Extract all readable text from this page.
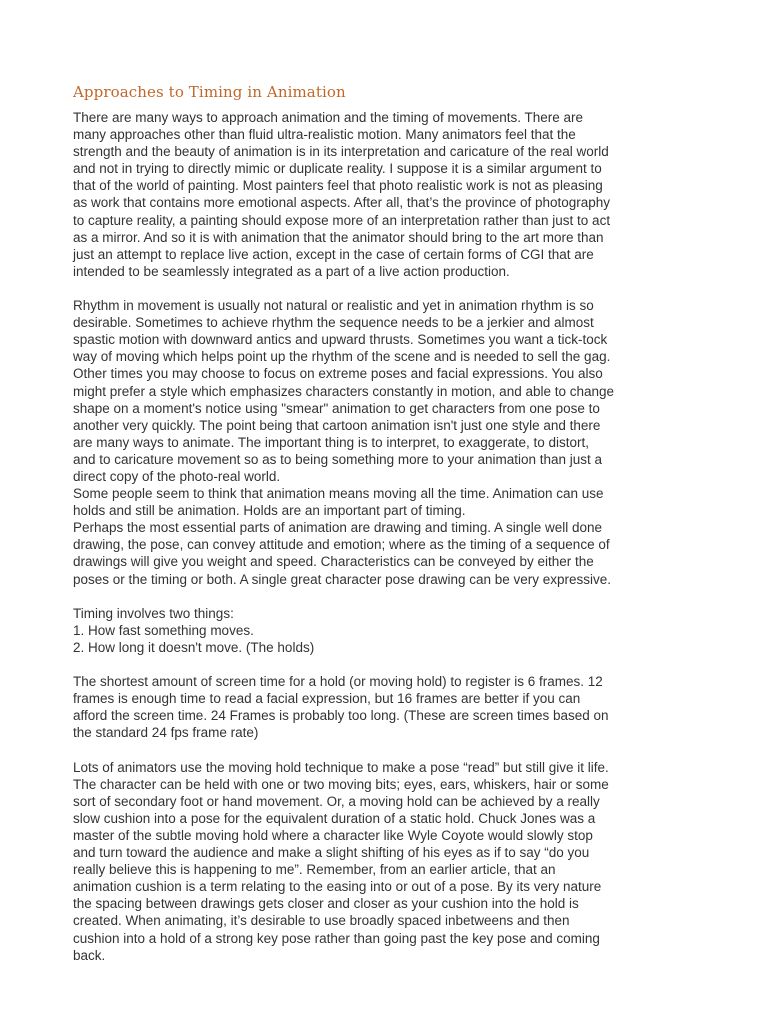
Approaches to Timing in Animation
There are many ways to approach animation and the timing of movements. There are
many approaches other than fluid ultra-realistic motion. Many animators feel that the
strength and the beauty of animation is in its interpretation and caricature of the real world
and not in trying to directly mimic or duplicate reality. I suppose it is a similar argument to
that of the world of painting. Most painters feel that photo realistic work is not as pleasing
as work that contains more emotional aspects. After all, that’s the province of photography
to capture reality, a painting should expose more of an interpretation rather than just to act
as a mirror. And so it is with animation that the animator should bring to the art more than
just an attempt to replace live action, except in the case of certain forms of CGI that are
intended to be seamlessly integrated as a part of a live action production.
Rhythm in movement is usually not natural or realistic and yet in animation rhythm is so
desirable. Sometimes to achieve rhythm the sequence needs to be a jerkier and almost
spastic motion with downward antics and upward thrusts. Sometimes you want a tick-tock
way of moving which helps point up the rhythm of the scene and is needed to sell the gag.
Other times you may choose to focus on extreme poses and facial expressions. You also
might prefer a style which emphasizes characters constantly in motion, and able to change
shape on a moment's notice using "smear" animation to get characters from one pose to
another very quickly. The point being that cartoon animation isn't just one style and there
are many ways to animate. The important thing is to interpret, to exaggerate, to distort,
and to caricature movement so as to being something more to your animation than just a
direct copy of the photo-real world.
Some people seem to think that animation means moving all the time. Animation can use
holds and still be animation. Holds are an important part of timing.
Perhaps the most essential parts of animation are drawing and timing. A single well done
drawing, the pose, can convey attitude and emotion; where as the timing of a sequence of
drawings will give you weight and speed. Characteristics can be conveyed by either the
poses or the timing or both. A single great character pose drawing can be very expressive.
Timing involves two things:
1. How fast something moves.
2. How long it doesn't move. (The holds)
The shortest amount of screen time for a hold (or moving hold) to register is 6 frames. 12
frames is enough time to read a facial expression, but 16 frames are better if you can
afford the screen time. 24 Frames is probably too long. (These are screen times based on
the standard 24 fps frame rate)
Lots of animators use the moving hold technique to make a pose “read” but still give it life.
The character can be held with one or two moving bits; eyes, ears, whiskers, hair or some
sort of secondary foot or hand movement. Or, a moving hold can be achieved by a really
slow cushion into a pose for the equivalent duration of a static hold. Chuck Jones was a
master of the subtle moving hold where a character like Wyle Coyote would slowly stop
and turn toward the audience and make a slight shifting of his eyes as if to say “do you
really believe this is happening to me”. Remember, from an earlier article, that an
animation cushion is a term relating to the easing into or out of a pose. By its very nature
the spacing between drawings gets closer and closer as your cushion into the hold is
created. When animating, it’s desirable to use broadly spaced inbetweens and then
cushion into a hold of a strong key pose rather than going past the key pose and coming
back.
